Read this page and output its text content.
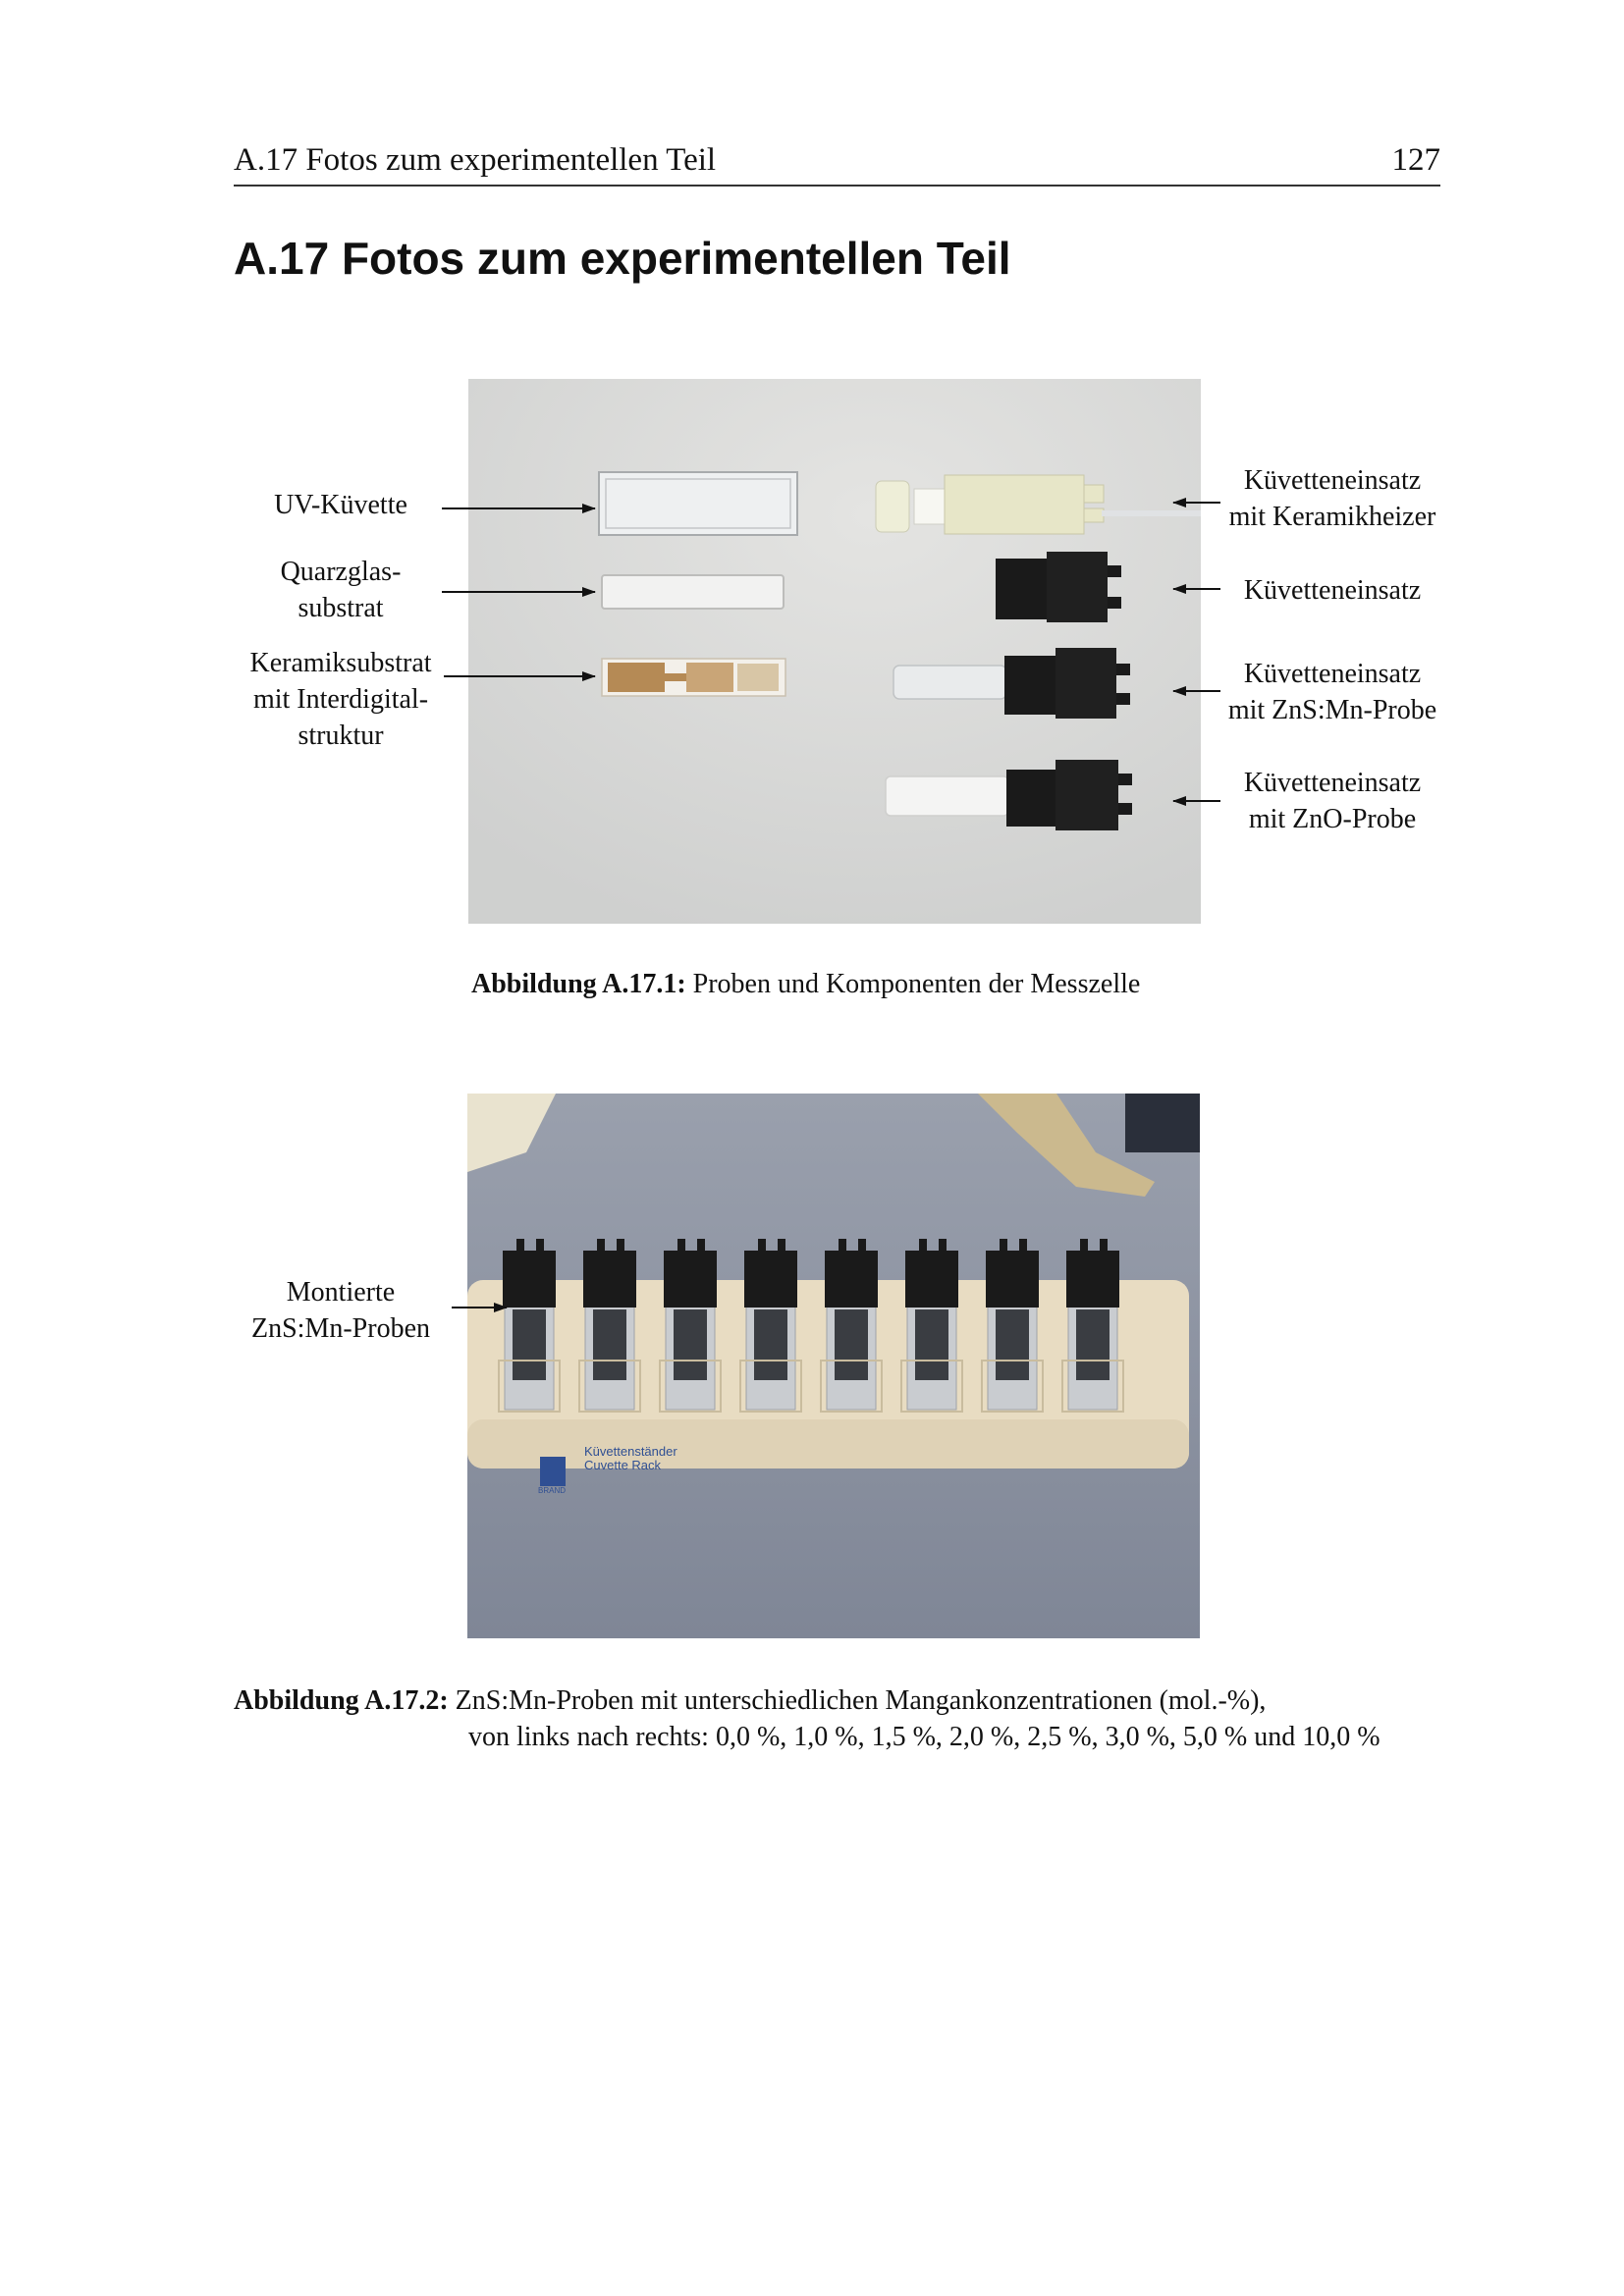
A.17 Fotos zum experimentellen Teil	127
A.17 Fotos zum experimentellen Teil
UV-Küvette
Quarzglas-
substrat
Keramiksubstrat
mit Interdigital-
struktur
Küvetteneinsatz
mit Keramikheizer
Küvetteneinsatz
Küvetteneinsatz
mit ZnS:Mn-Probe
Küvetteneinsatz
mit ZnO-Probe
Abbildung A.17.1: Proben und Komponenten der Messzelle
Küvettenständer
Cuvette Rack
BRAND
Montierte
ZnS:Mn-Proben
Abbildung A.17.2: ZnS:Mn-Proben mit unterschiedlichen Mangankonzentrationen (mol.-%),
von links nach rechts: 0,0 %, 1,0 %, 1,5 %, 2,0 %, 2,5 %, 3,0 %, 5,0 % und 10,0 %
